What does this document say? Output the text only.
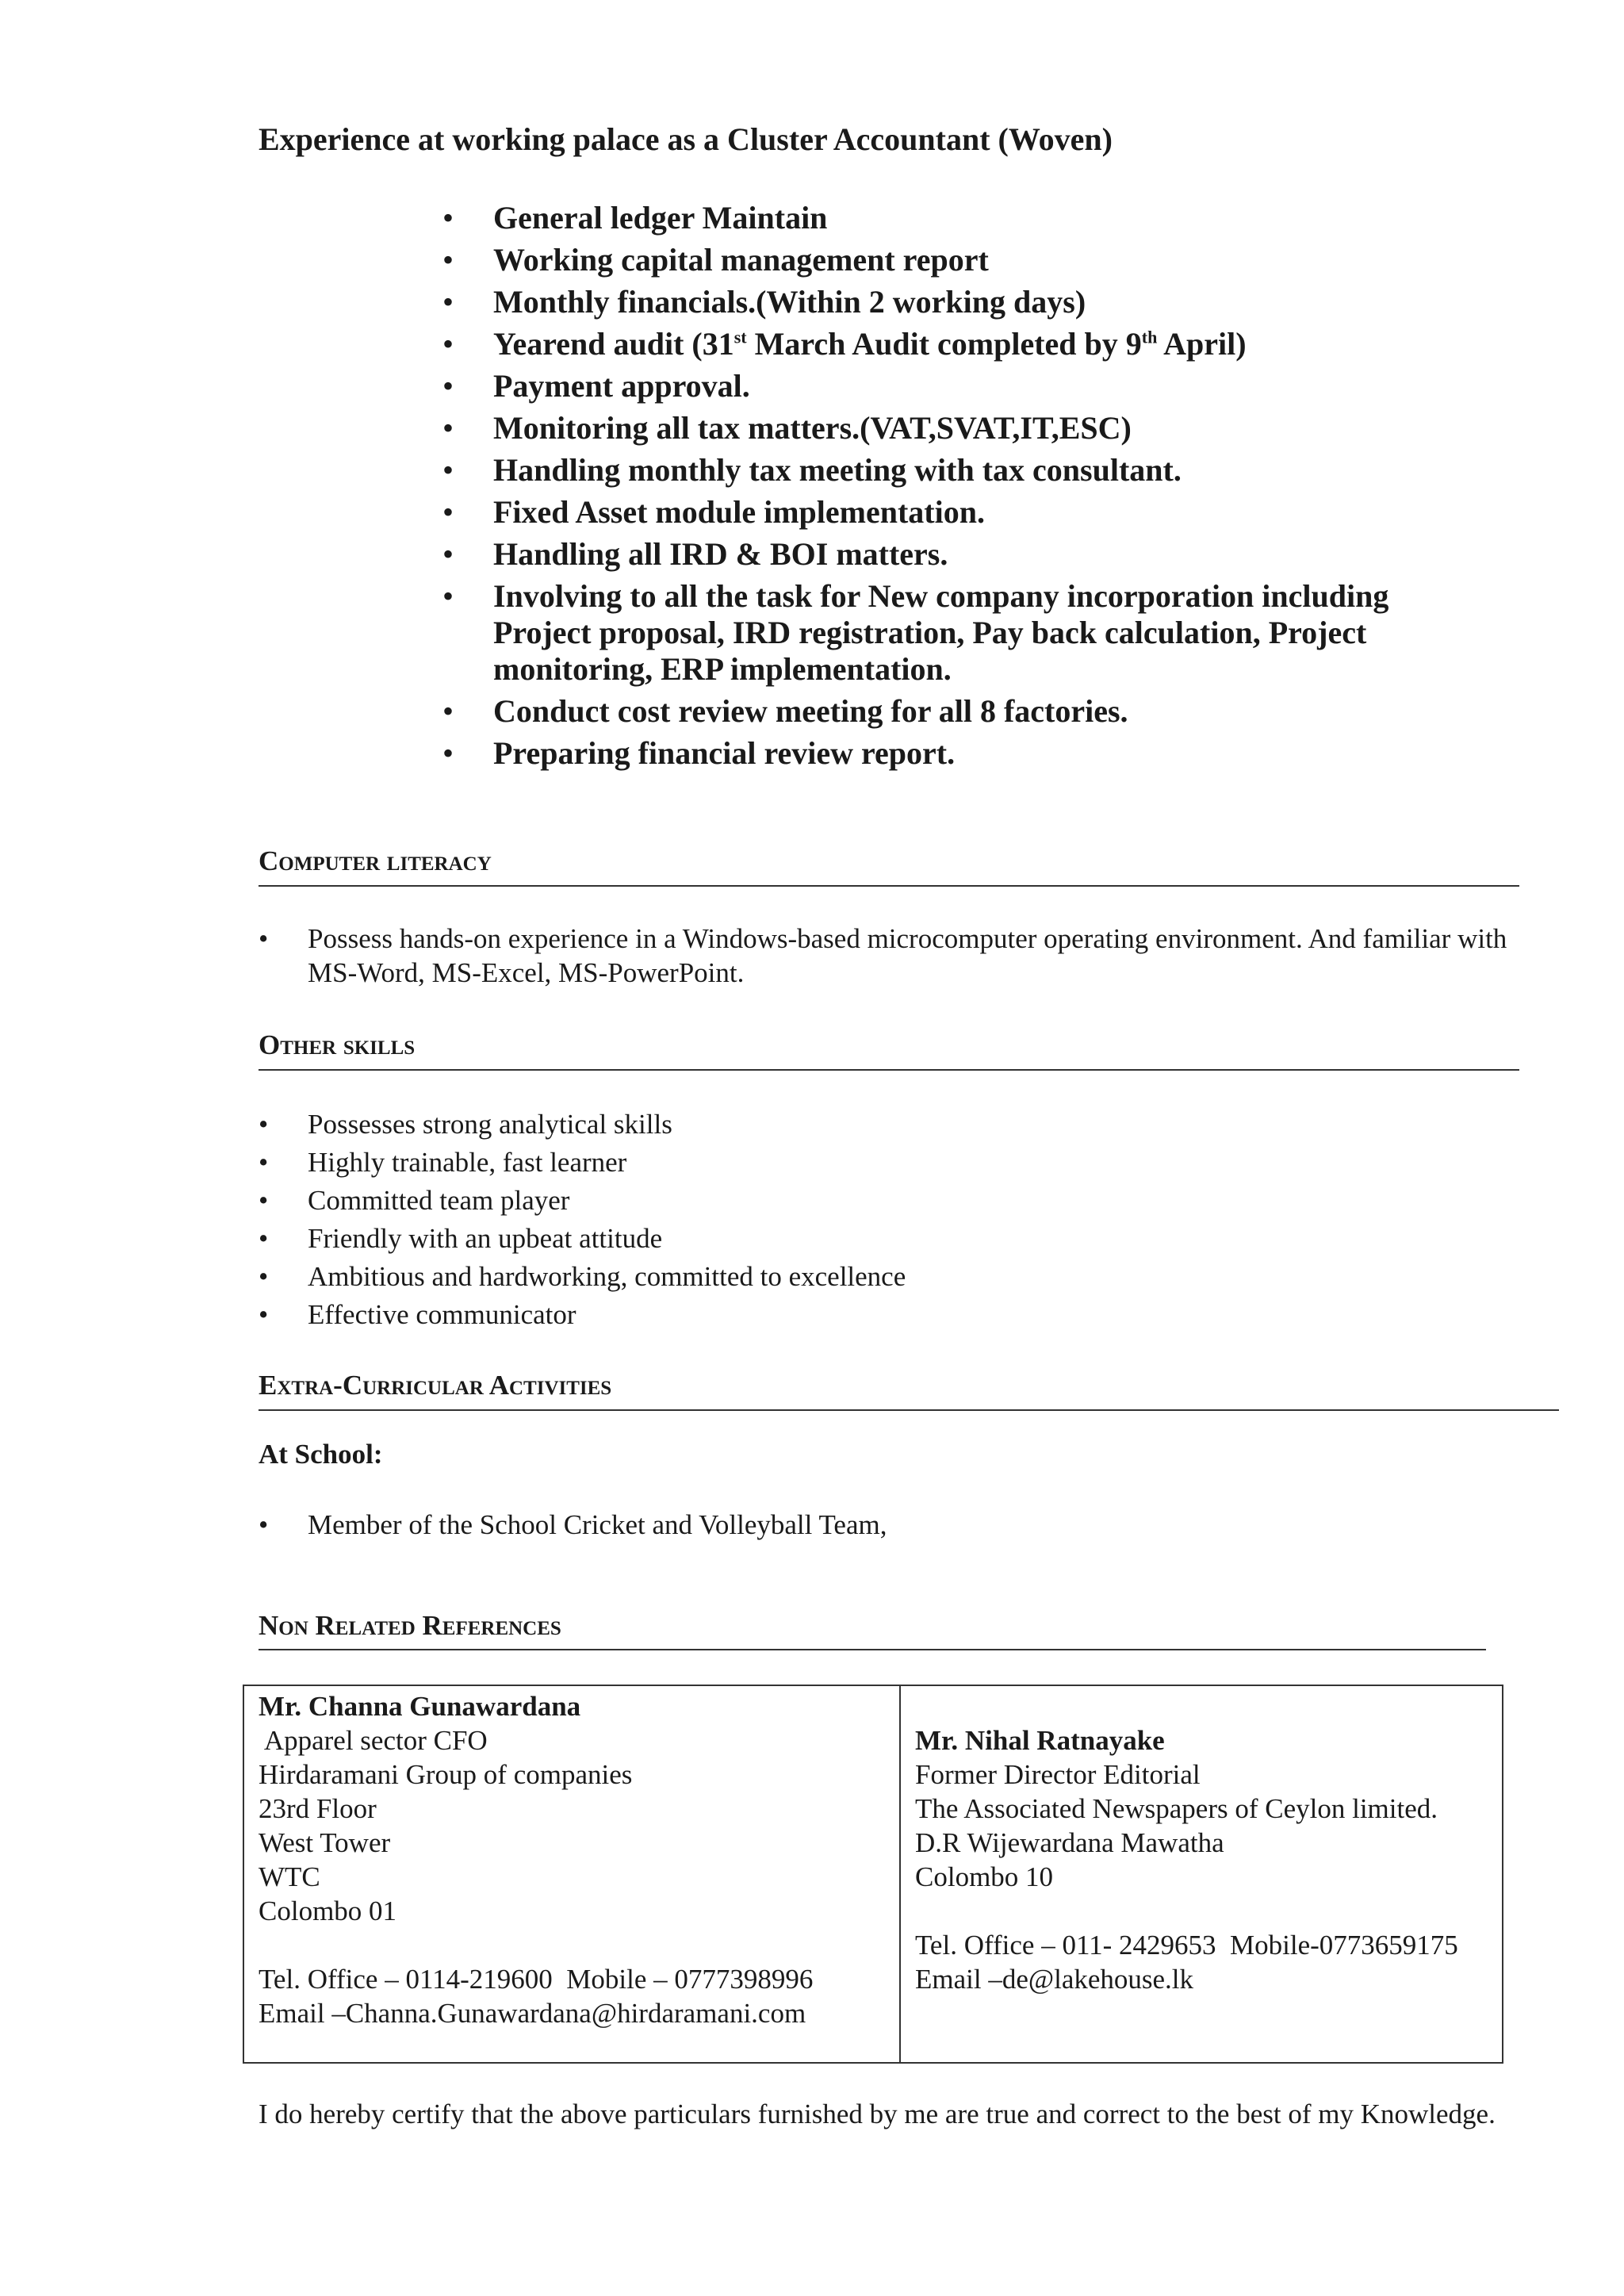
Experience at working palace as a Cluster Accountant (Woven)
• General ledger Maintain
• Working capital management report
• Monthly financials.(Within 2 working days)
• Yearend audit (31st March Audit completed by 9th April)
• Payment approval.
• Monitoring all tax matters.(VAT,SVAT,IT,ESC)
• Handling monthly tax meeting with tax consultant.
• Fixed Asset module implementation.
• Handling all IRD & BOI matters.
• Involving to all the task for New company incorporation including Project proposal, IRD registration, Pay back calculation, Project monitoring, ERP implementation.
• Conduct cost review meeting for all 8 factories.
• Preparing financial review report.
Computer literacy
• Possess hands-on experience in a Windows-based microcomputer operating environment. And familiar with MS-Word, MS-Excel, MS-PowerPoint.
Other skills
• Possesses strong analytical skills
• Highly trainable, fast learner
• Committed team player
• Friendly with an upbeat attitude
• Ambitious and hardworking, committed to excellence
• Effective communicator
Extra-Curricular Activities
At School:
• Member of the School Cricket and Volleyball Team,
Non Related References
Mr. Channa Gunawardana
Apparel sector CFO
Hirdaramani Group of companies
23rd Floor
West Tower
WTC
Colombo 01
Tel. Office – 0114-219600  Mobile – 0777398996
Email –Channa.Gunawardana@hirdaramani.com
Mr. Nihal Ratnayake
Former Director Editorial
The Associated Newspapers of Ceylon limited.
D.R Wijewardana Mawatha
Colombo 10
Tel. Office – 011- 2429653  Mobile-0773659175
Email –de@lakehouse.lk
I do hereby certify that the above particulars furnished by me are true and correct to the best of my Knowledge.
